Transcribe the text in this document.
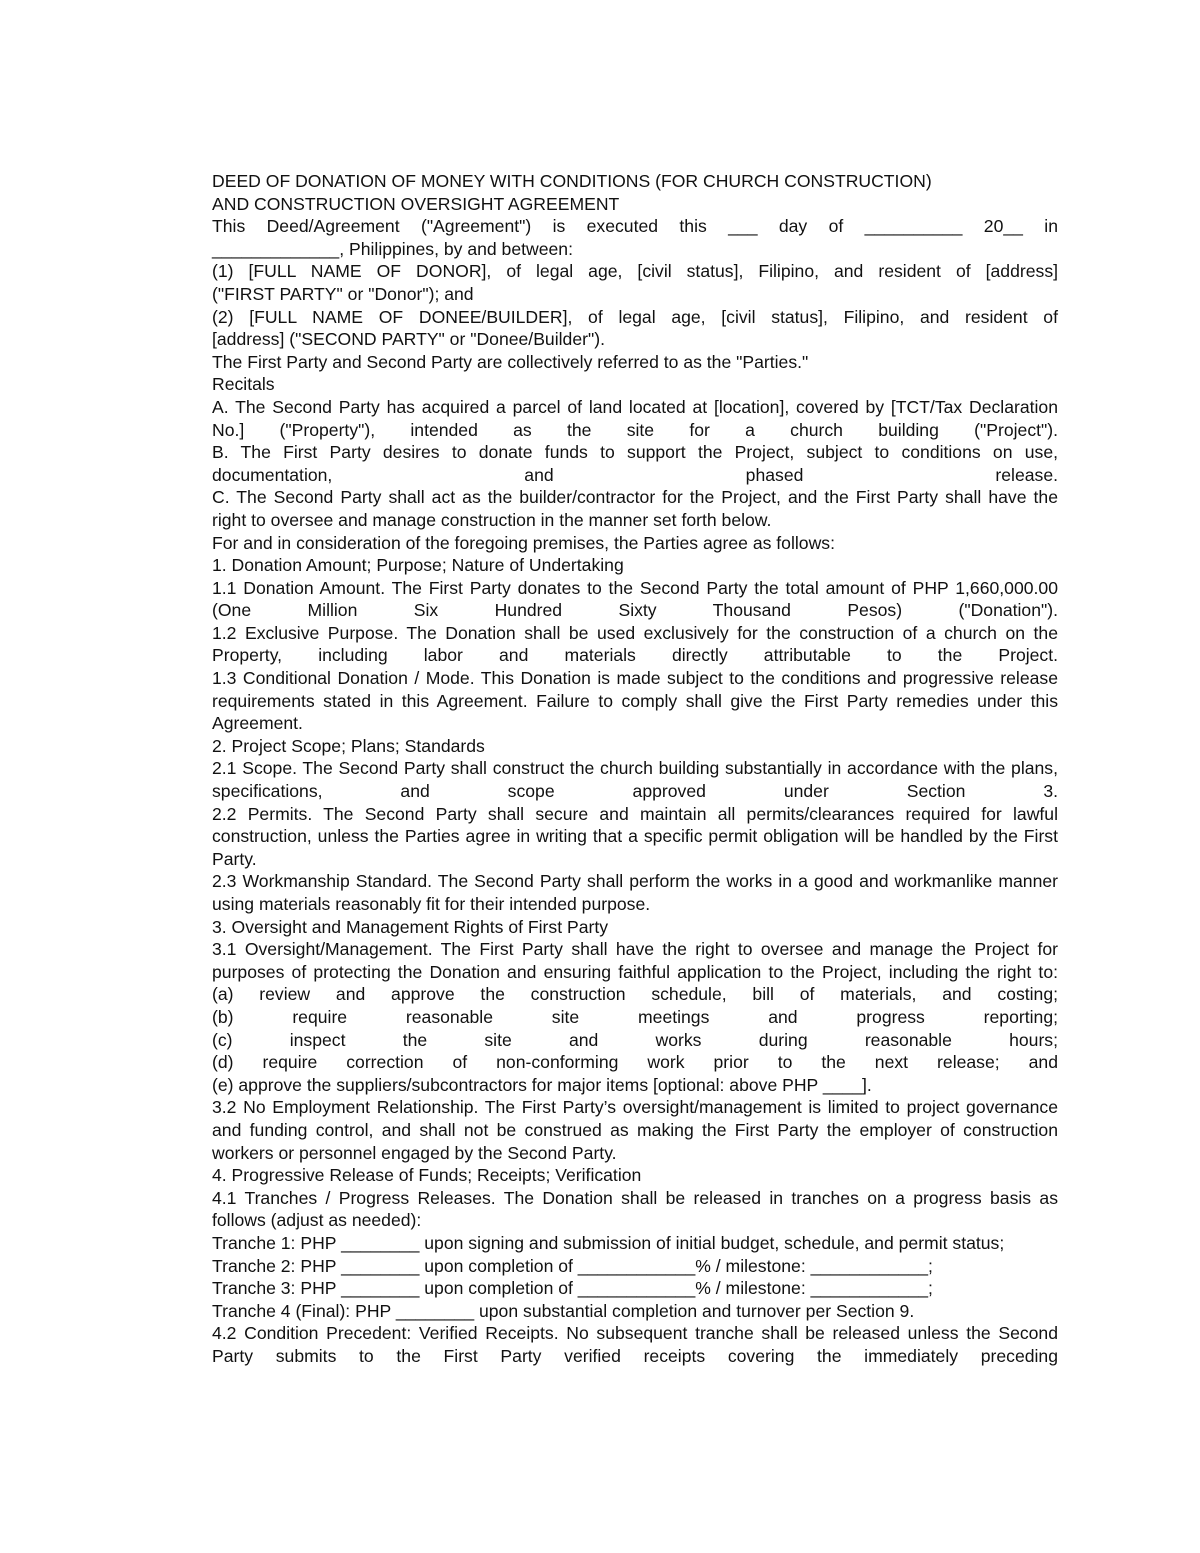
DEED OF DONATION OF MONEY WITH CONDITIONS (FOR CHURCH CONSTRUCTION)

AND CONSTRUCTION OVERSIGHT AGREEMENT

This Deed/Agreement ("Agreement") is executed this ___ day of __________ 20__ in

_____________, Philippines, by and between:

(1) [FULL NAME OF DONOR], of legal age, [civil status], Filipino, and resident of [address]

("FIRST PARTY" or "Donor"); and

(2) [FULL NAME OF DONEE/BUILDER], of legal age, [civil status], Filipino, and resident of

[address] ("SECOND PARTY" or "Donee/Builder").

The First Party and Second Party are collectively referred to as the "Parties."

Recitals

A. The Second Party has acquired a parcel of land located at [location], covered by [TCT/Tax Declaration No.] ("Property"), intended as the site for a church building ("Project").

B. The First Party desires to donate funds to support the Project, subject to conditions on use, documentation, and phased release.

C. The Second Party shall act as the builder/contractor for the Project, and the First Party shall have the right to oversee and manage construction in the manner set forth below.

For and in consideration of the foregoing premises, the Parties agree as follows:

1. Donation Amount; Purpose; Nature of Undertaking

1.1 Donation Amount. The First Party donates to the Second Party the total amount of PHP 1,660,000.00 (One Million Six Hundred Sixty Thousand Pesos) ("Donation").

1.2 Exclusive Purpose. The Donation shall be used exclusively for the construction of a church on the Property, including labor and materials directly attributable to the Project.

1.3 Conditional Donation / Mode. This Donation is made subject to the conditions and progressive release requirements stated in this Agreement. Failure to comply shall give the First Party remedies under this Agreement.

2. Project Scope; Plans; Standards

2.1 Scope. The Second Party shall construct the church building substantially in accordance with the plans, specifications, and scope approved under Section 3.

2.2 Permits. The Second Party shall secure and maintain all permits/clearances required for lawful construction, unless the Parties agree in writing that a specific permit obligation will be handled by the First Party.

2.3 Workmanship Standard. The Second Party shall perform the works in a good and workmanlike manner using materials reasonably fit for their intended purpose.

3. Oversight and Management Rights of First Party

3.1 Oversight/Management. The First Party shall have the right to oversee and manage the Project for purposes of protecting the Donation and ensuring faithful application to the Project, including the right to:

(a) review and approve the construction schedule, bill of materials, and costing;

(b) require reasonable site meetings and progress reporting;

(c) inspect the site and works during reasonable hours;

(d) require correction of non-conforming work prior to the next release; and

(e) approve the suppliers/subcontractors for major items [optional: above PHP ____].

3.2 No Employment Relationship. The First Party’s oversight/management is limited to project governance and funding control, and shall not be construed as making the First Party the employer of construction workers or personnel engaged by the Second Party.

4. Progressive Release of Funds; Receipts; Verification

4.1 Tranches / Progress Releases. The Donation shall be released in tranches on a progress basis as follows (adjust as needed):

Tranche 1: PHP ________ upon signing and submission of initial budget, schedule, and permit status;

Tranche 2: PHP ________ upon completion of ____________% / milestone: ____________;

Tranche 3: PHP ________ upon completion of ____________% / milestone: ____________;

Tranche 4 (Final): PHP ________ upon substantial completion and turnover per Section 9.

4.2 Condition Precedent: Verified Receipts. No subsequent tranche shall be released unless the Second Party submits to the First Party verified receipts covering the immediately preceding
